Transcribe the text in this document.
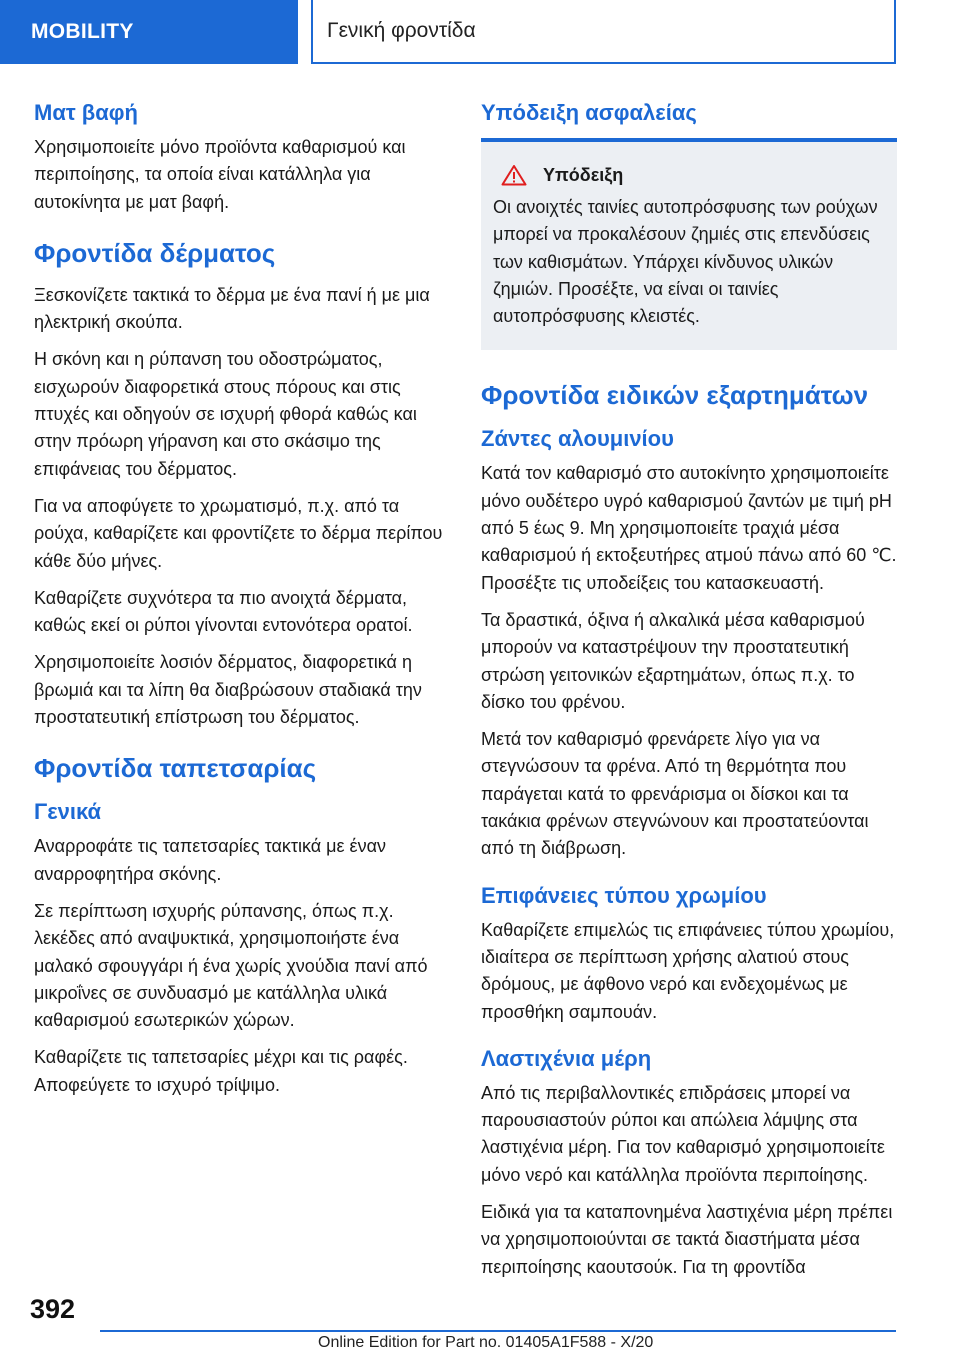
MOBILITY	Γενική φροντίδα
Ματ βαφή

Χρησιμοποιείτε μόνο προϊόντα καθαρισμού και περιποίησης, τα οποία είναι κατάλληλα για αυτοκίνητα με ματ βαφή.

Φροντίδα δέρματος

Ξεσκονίζετε τακτικά το δέρμα με ένα πανί ή με μια ηλεκτρική σκούπα.

Η σκόνη και η ρύπανση του οδοστρώματος, εισχωρούν διαφορετικά στους πόρους και στις πτυχές και οδηγούν σε ισχυρή φθορά καθώς και στην πρόωρη γήρανση και στο σκάσιμο της επιφάνειας του δέρματος.

Για να αποφύγετε το χρωματισμό, π.χ. από τα ρούχα, καθαρίζετε και φροντίζετε το δέρμα περίπου κάθε δύο μήνες.

Καθαρίζετε συχνότερα τα πιο ανοιχτά δέρματα, καθώς εκεί οι ρύποι γίνονται εντονότερα ορατοί.

Χρησιμοποιείτε λοσιόν δέρματος, διαφορετικά η βρωμιά και τα λίπη θα διαβρώσουν σταδιακά την προστατευτική επίστρωση του δέρματος.

Φροντίδα ταπετσαρίας
Γενικά

Αναρροφάτε τις ταπετσαρίες τακτικά με έναν αναρροφητήρα σκόνης.

Σε περίπτωση ισχυρής ρύπανσης, όπως π.χ. λεκέδες από αναψυκτικά, χρησιμοποιήστε ένα μαλακό σφουγγάρι ή ένα χωρίς χνούδια πανί από μικροΐνες σε συνδυασμό με κατάλληλα υλικά καθαρισμού εσωτερικών χώρων.

Καθαρίζετε τις ταπετσαρίες μέχρι και τις ραφές. Αποφεύγετε το ισχυρό τρίψιμο.

Υπόδειξη ασφαλείας
Υπόδειξη

Οι ανοιχτές ταινίες αυτοπρόσφυσης των ρούχων μπορεί να προκαλέσουν ζημιές στις επενδύσεις των καθισμάτων. Υπάρχει κίνδυνος υλικών ζημιών. Προσέξτε, να είναι οι ταινίες αυτοπρόσφυσης κλειστές.

Φροντίδα ειδικών εξαρτημάτων
Ζάντες αλουμινίου

Κατά τον καθαρισμό στο αυτοκίνητο χρησιμοποιείτε μόνο ουδέτερο υγρό καθαρισμού ζαντών με τιμή pH από 5 έως 9. Μη χρησιμοποιείτε τραχιά μέσα καθαρισμού ή εκτοξευτήρες ατμού πάνω από 60 ℃. Προσέξτε τις υποδείξεις του κατασκευαστή.

Τα δραστικά, όξινα ή αλκαλικά μέσα καθαρισμού μπορούν να καταστρέψουν την προστατευτική στρώση γειτονικών εξαρτημάτων, όπως π.χ. το δίσκο του φρένου.

Μετά τον καθαρισμό φρενάρετε λίγο για να στεγνώσουν τα φρένα. Από τη θερμότητα που παράγεται κατά το φρενάρισμα οι δίσκοι και τα τακάκια φρένων στεγνώνουν και προστατεύονται από τη διάβρωση.

Επιφάνειες τύπου χρωμίου

Καθαρίζετε επιμελώς τις επιφάνειες τύπου χρωμίου, ιδιαίτερα σε περίπτωση χρήσης αλατιού στους δρόμους, με άφθονο νερό και ενδεχομένως με προσθήκη σαμπουάν.

Λαστιχένια μέρη

Από τις περιβαλλοντικές επιδράσεις μπορεί να παρουσιαστούν ρύποι και απώλεια λάμψης στα λαστιχένια μέρη. Για τον καθαρισμό χρησιμοποιείτε μόνο νερό και κατάλληλα προϊόντα περιποίησης.

Ειδικά για τα καταπονημένα λαστιχένια μέρη πρέπει να χρησιμοποιούνται σε τακτά διαστήματα μέσα περιποίησης καουτσούκ. Για τη φροντίδα

392
Online Edition for Part no. 01405A1F588 - X/20
